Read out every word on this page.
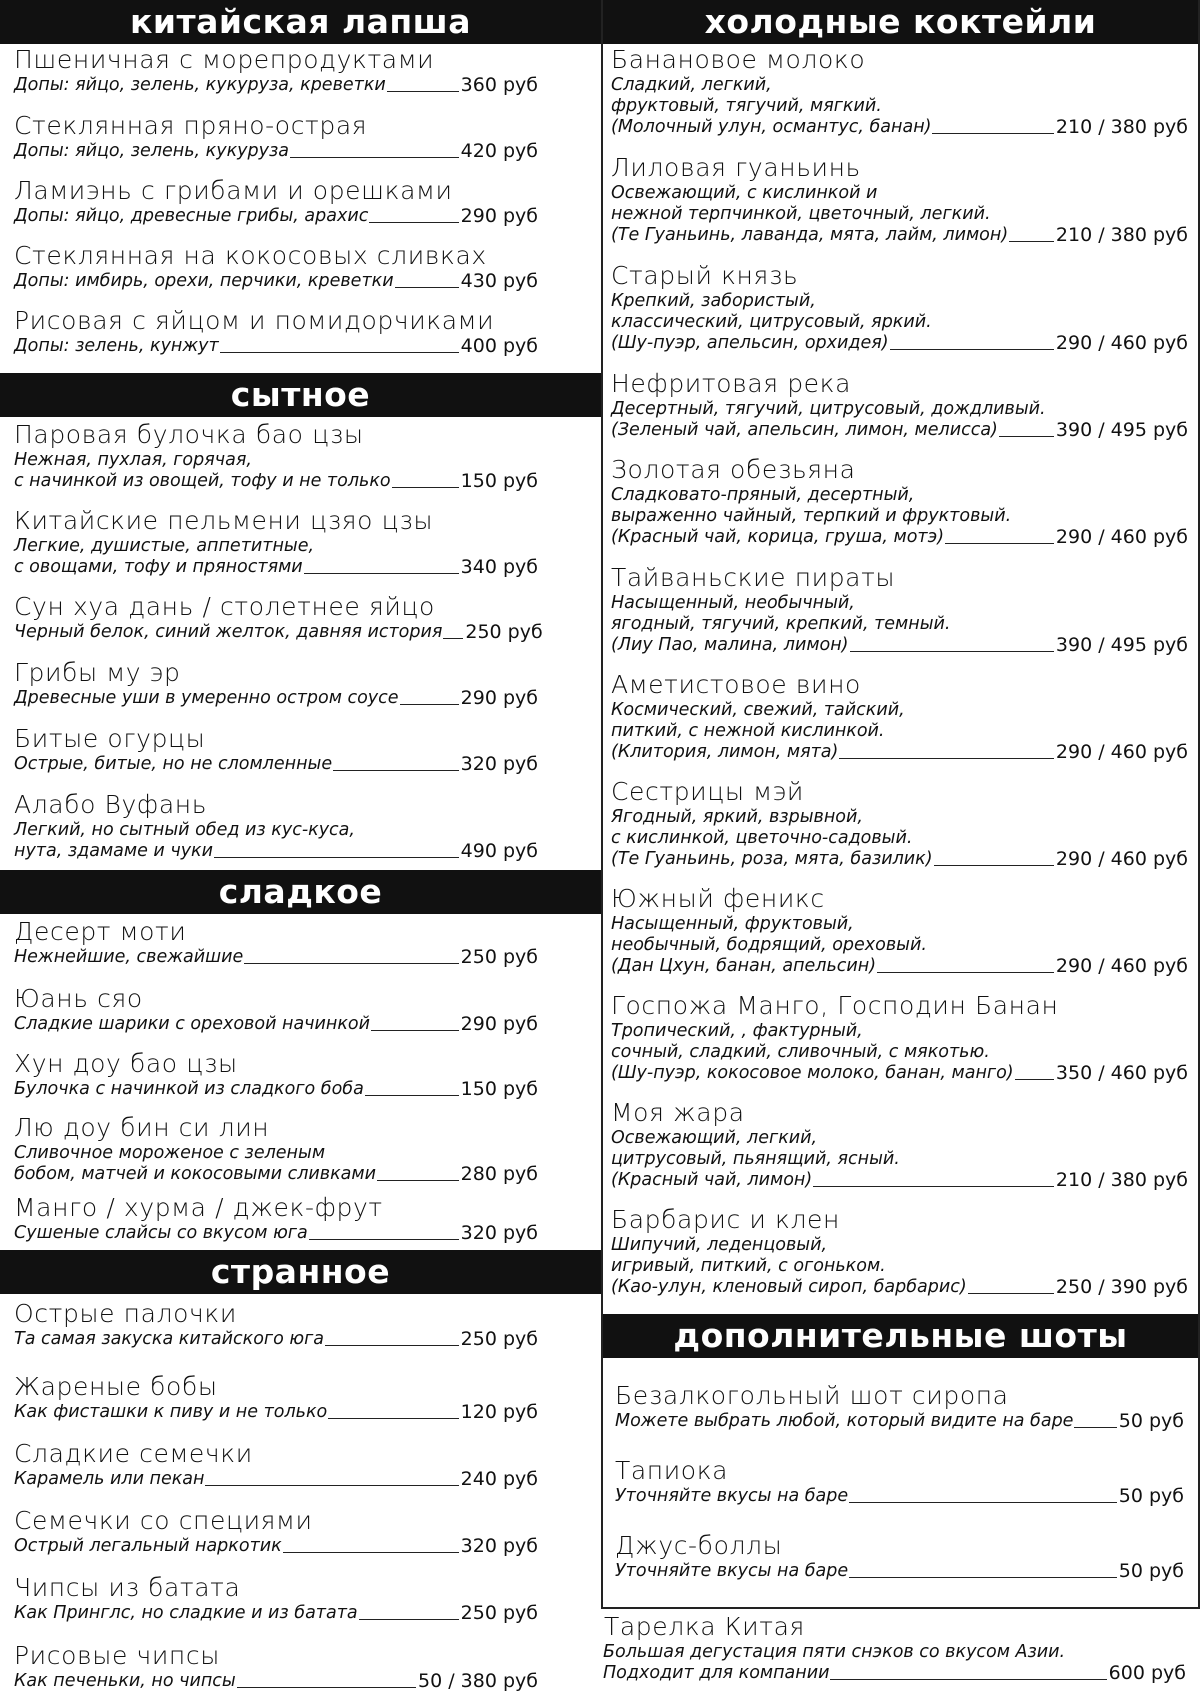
китайская лапша
Пшеничная с морепродуктами
Допы: яйцо, зелень, кукуруза, креветки	360 руб
Стеклянная пряно-острая
Допы: яйцо, зелень, кукуруза	420 руб
Ламиэнь с грибами и орешками
Допы: яйцо, древесные грибы, арахис	290 руб
Стеклянная на кокосовых сливках
Допы: имбирь, орехи, перчики, креветки	430 руб
Рисовая с яйцом и помидорчиками
Допы: зелень, кунжут	400 руб
сытное
Паровая булочка бао цзы
Нежная, пухлая, горячая,
с начинкой из овощей, тофу и не только	150 руб
Китайские пельмени цзяо цзы
Легкие, душистые, аппетитные,
с овощами, тофу и пряностями	340 руб
Сун хуа дань / столетнее яйцо
Черный белок, синий желток, давняя история 250 руб
Грибы му эр
Древесные уши в умеренно остром соусе	290 руб
Битые огурцы
Острые, битые, но не сломленные	320 руб
Алабо Вуфань
Легкий, но сытный обед из кус-куса,
нута, здамаме и чуки	490 руб
сладкое
Десерт моти
Нежнейшие, свежайшие	250 руб
Юань сяо
Сладкие шарики с ореховой начинкой	290 руб
Хун доу бао цзы
Булочка с начинкой из сладкого боба	150 руб
Лю доу бин си лин
Сливочное мороженое с зеленым
бобом, матчей и кокосовыми сливками	280 руб
Манго / хурма / джек-фрут
Сушеные слайсы со вкусом юга	320 руб
странное
Острые палочки
Та самая закуска китайского юга	250 руб
Жареные бобы
Как фисташки к пиву и не только	120 руб
Сладкие семечки
Карамель или пекан	240 руб
Семечки со специями
Острый легальный наркотик	320 руб
Чипсы из батата
Как Принглс, но сладкие и из батата	250 руб
Рисовые чипсы
Как печеньки, но чипсы	50 / 380 руб
холодные коктейли
Банановое молоко
Сладкий, легкий,
фруктовый, тягучий, мягкий.
(Молочный улун, османтус, банан)	210 / 380 руб
Лиловая гуаньинь
Освежающий, с кислинкой и
нежной терпчинкой, цветочный, легкий.
(Те Гуаньинь, лаванда, мята, лайм, лимон)	210 / 380 руб
Старый князь
Крепкий, забористый,
классический, цитрусовый, яркий.
(Шу-пуэр, апельсин, орхидея)	290 / 460 руб
Нефритовая река
Десертный, тягучий, цитрусовый, дождливый.
(Зеленый чай, апельсин, лимон, мелисса)	390 / 495 руб
Золотая обезьяна
Сладковато-пряный, десертный,
выраженно чайный, терпкий и фруктовый.
(Красный чай, корица, груша, мотэ)	290 / 460 руб
Тайваньские пираты
Насыщенный, необычный,
ягодный, тягучий, крепкий, темный.
(Лиу Пао, малина, лимон)	390 / 495 руб
Аметистовое вино
Космический, свежий, тайский,
питкий, с нежной кислинкой.
(Клитория, лимон, мята)	290 / 460 руб
Сестрицы мэй
Ягодный, яркий, взрывной,
с кислинкой, цветочно-садовый.
(Те Гуаньинь, роза, мята, базилик)	290 / 460 руб
Южный феникс
Насыщенный, фруктовый,
необычный, бодрящий, ореховый.
(Дан Цхун, банан, апельсин)	290 / 460 руб
Госпожа Манго, Господин Банан
Тропический, , фактурный,
сочный, сладкий, сливочный, с мякотью.
(Шу-пуэр, кокосовое молоко, банан, манго) 350 / 460 руб
Моя жара
Освежающий, легкий,
цитрусовый, пьянящий, ясный.
(Красный чай, лимон)	210 / 380 руб
Барбарис и клен
Шипучий, леденцовый,
игривый, питкий, с огоньком.
(Као-улун, кленовый сироп, барбарис)	250 / 390 руб
дополнительные шоты
Безалкогольный шот сиропа
Можете выбрать любой, который видите на баре 50 руб
Тапиока
Уточняйте вкусы на баре	50 руб
Джус-боллы
Уточняйте вкусы на баре	50 руб
Тарелка Китая
Большая дегустация пяти снэков со вкусом Азии.
Подходит для компании	600 руб
